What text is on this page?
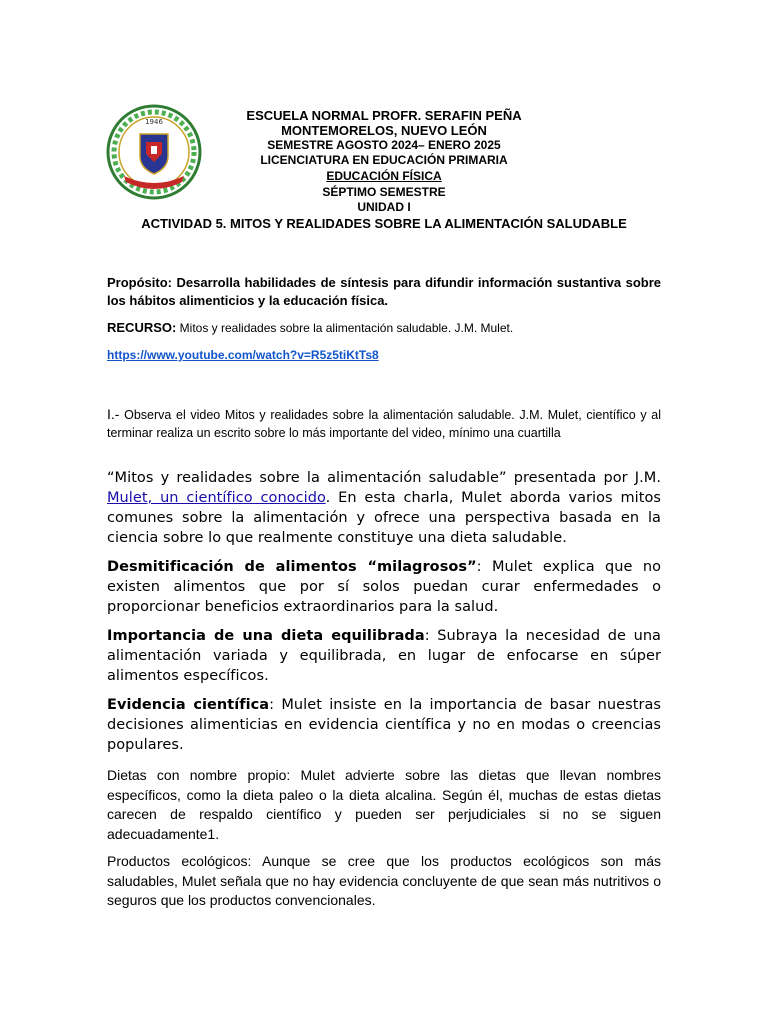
1946	ESCUELA NORMAL PROFR. SERAFIN PEÑA
MONTEMORELOS, NUEVO LEÓN
SEMESTRE AGOSTO 2024– ENERO 2025
LICENCIATURA EN EDUCACIÓN PRIMARIA
EDUCACIÓN FÍSICA
SÉPTIMO SEMESTRE
UNIDAD I
ACTIVIDAD 5. MITOS Y REALIDADES SOBRE LA ALIMENTACIÓN SALUDABLE
Propósito: Desarrolla habilidades de síntesis para difundir información sustantiva sobre los hábitos alimenticios y la educación física.
RECURSO: Mitos y realidades sobre la alimentación saludable. J.M. Mulet.
https://www.youtube.com/watch?v=R5z5tiKtTs8
I.- Observa el video Mitos y realidades sobre la alimentación saludable. J.M. Mulet, científico y al terminar realiza un escrito sobre lo más importante del video, mínimo una cuartilla
“Mitos y realidades sobre la alimentación saludable” presentada por J.M. Mulet, un científico conocido. En esta charla, Mulet aborda varios mitos comunes sobre la alimentación y ofrece una perspectiva basada en la ciencia sobre lo que realmente constituye una dieta saludable.
Desmitificación de alimentos “milagrosos”: Mulet explica que no existen alimentos que por sí solos puedan curar enfermedades o proporcionar beneficios extraordinarios para la salud.
Importancia de una dieta equilibrada: Subraya la necesidad de una alimentación variada y equilibrada, en lugar de enfocarse en súper alimentos específicos.
Evidencia científica: Mulet insiste en la importancia de basar nuestras decisiones alimenticias en evidencia científica y no en modas o creencias populares.
Dietas con nombre propio: Mulet advierte sobre las dietas que llevan nombres específicos, como la dieta paleo o la dieta alcalina. Según él, muchas de estas dietas carecen de respaldo científico y pueden ser perjudiciales si no se siguen adecuadamente1.
Productos ecológicos: Aunque se cree que los productos ecológicos son más saludables, Mulet señala que no hay evidencia concluyente de que sean más nutritivos o seguros que los productos convencionales.
